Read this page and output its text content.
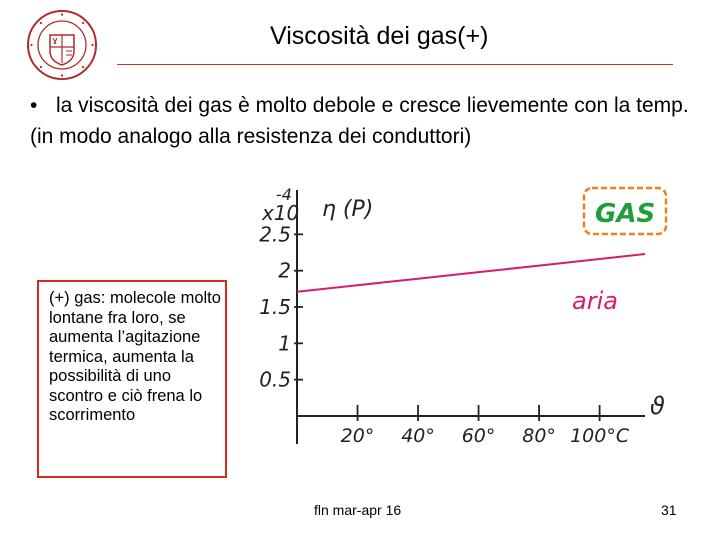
Viscosità dei gas(+)
• la viscosità dei gas è molto debole e cresce lievemente con la temp. (in modo analogo alla resistenza dei conduttori)
x10
-4
η (P)
ϑ
0.5
1
1.5
2
2.5
20° 40° 60° 80° 100°C
aria
GAS
(+) gas: molecole molto lontane fra loro, se aumenta l’agitazione termica, aumenta la possibilità di uno scontro e ciò frena lo scorrimento
fln mar-apr 16	31
